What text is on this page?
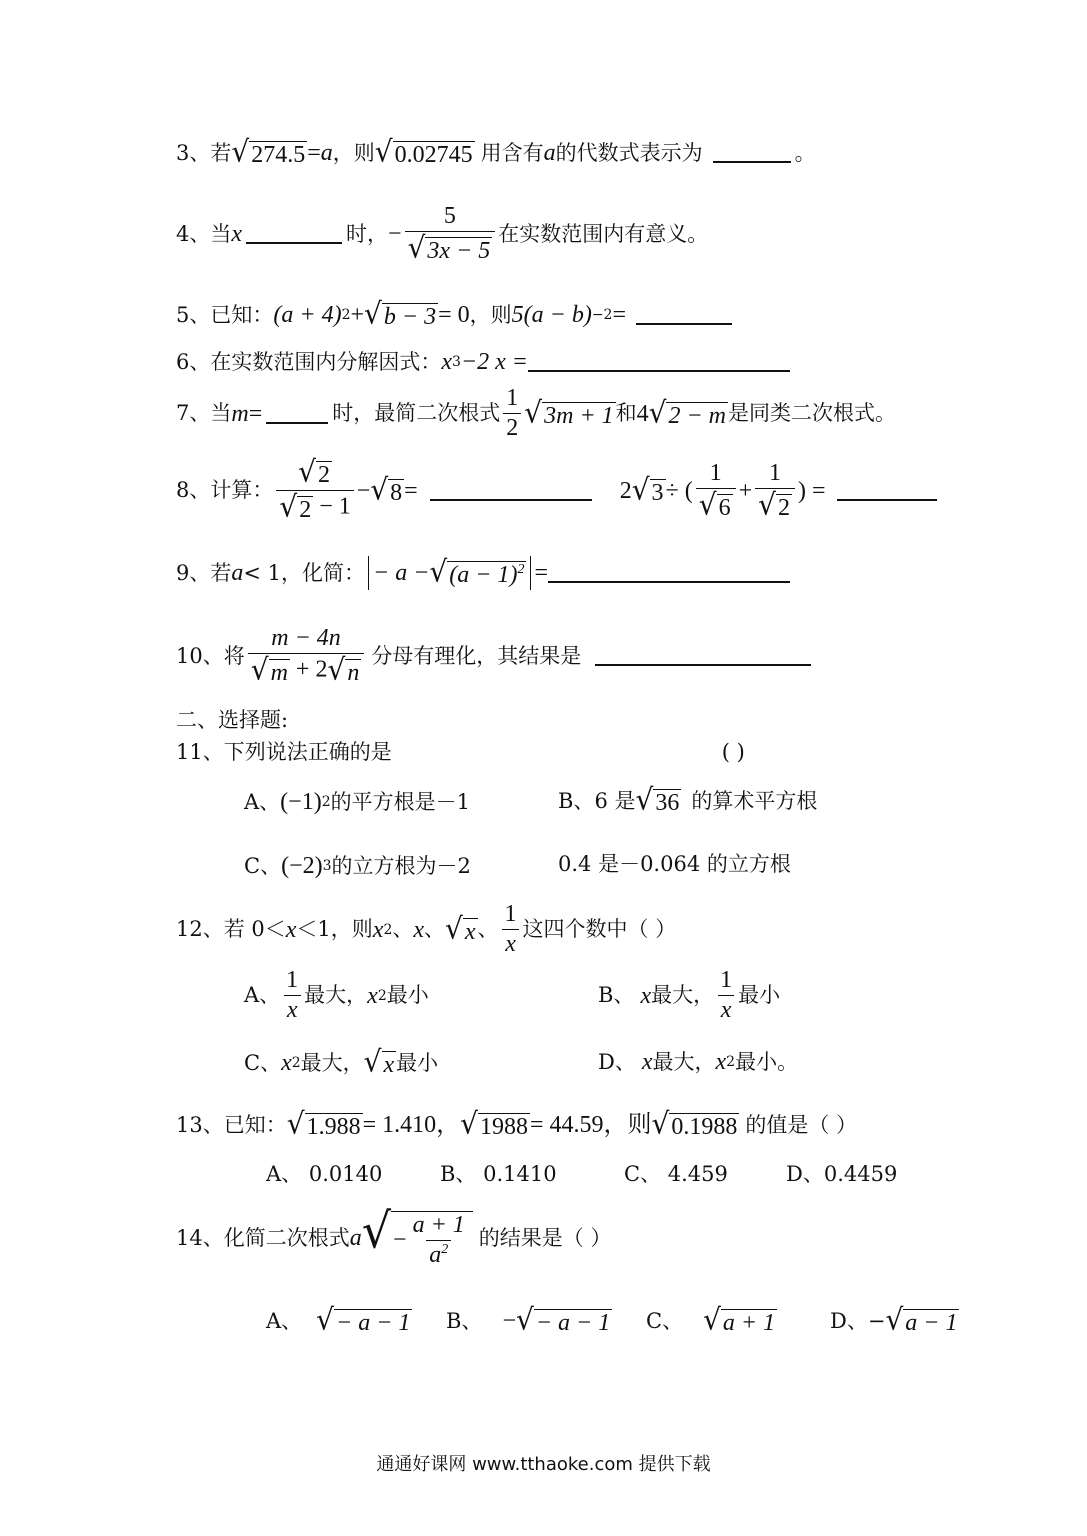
3、 若 √ 274.5 = a ，则 √ 0.02745 用含有 a 的代数式表示为	。
4、 当 x	时， − $\frac{5}{√ 3x - 5}$ 在实数范围内有意义。
5、 已知： (a + 4) 2 + √ b − 3 = 0 ，则 5(a − b) −2 =
6、 在实数范围内分解因式： x 3 −2 x =
7、 当 m =	时，最简二次根式
1
2 √ 3m + 1 和 4 √ 2 − m 是同类二次根式。
8、 计算：
√ 2
√ 2 − 1
− √ 8 =	2 √ 3 ÷ (
1
√ 6
+ $\frac{1}{√ 2}$ ) =
9、 若 a < 1，化简： − a − √ $(a - 1)^2$ =
10、 将
m − 4n
√ m + 2 √ n
分母有理化，其结果是
二、选择题:
11、下列说法正确的是	( )
A、 (−1) 2 的平方根是－1	B、 6 是 √ 36 的算术平方根
C、 (−2) 3 的立方根为－2	0.4 是－0.064 的立方根
12、若 0＜ x ＜1，则 x 2 、 x 、 √ x 、
1
x
这四个数中（ ）
A、
1
x
最大， x 2 最小	B、 x 最大，
1
x
最小
C、 x 2 最大， √ x 最小	D、 x 最大， x 2 最小。
13、已知： √ 1.988 = 1.410， √ 1988 = 44.59，则 √ 0.1988 的值是（ ）
A、 0.0140	B、 0.1410	C、 4.459	D、0.4459
14、化简二次根式 a √ − $\frac{a + 1}{a^2}$ 的结果是（ ）
A、 √ − a − 1 B、 − √ − a − 1 C、 √ a + 1	D、− √ a − 1
通通好课网 www.tthaoke.com 提供下载
